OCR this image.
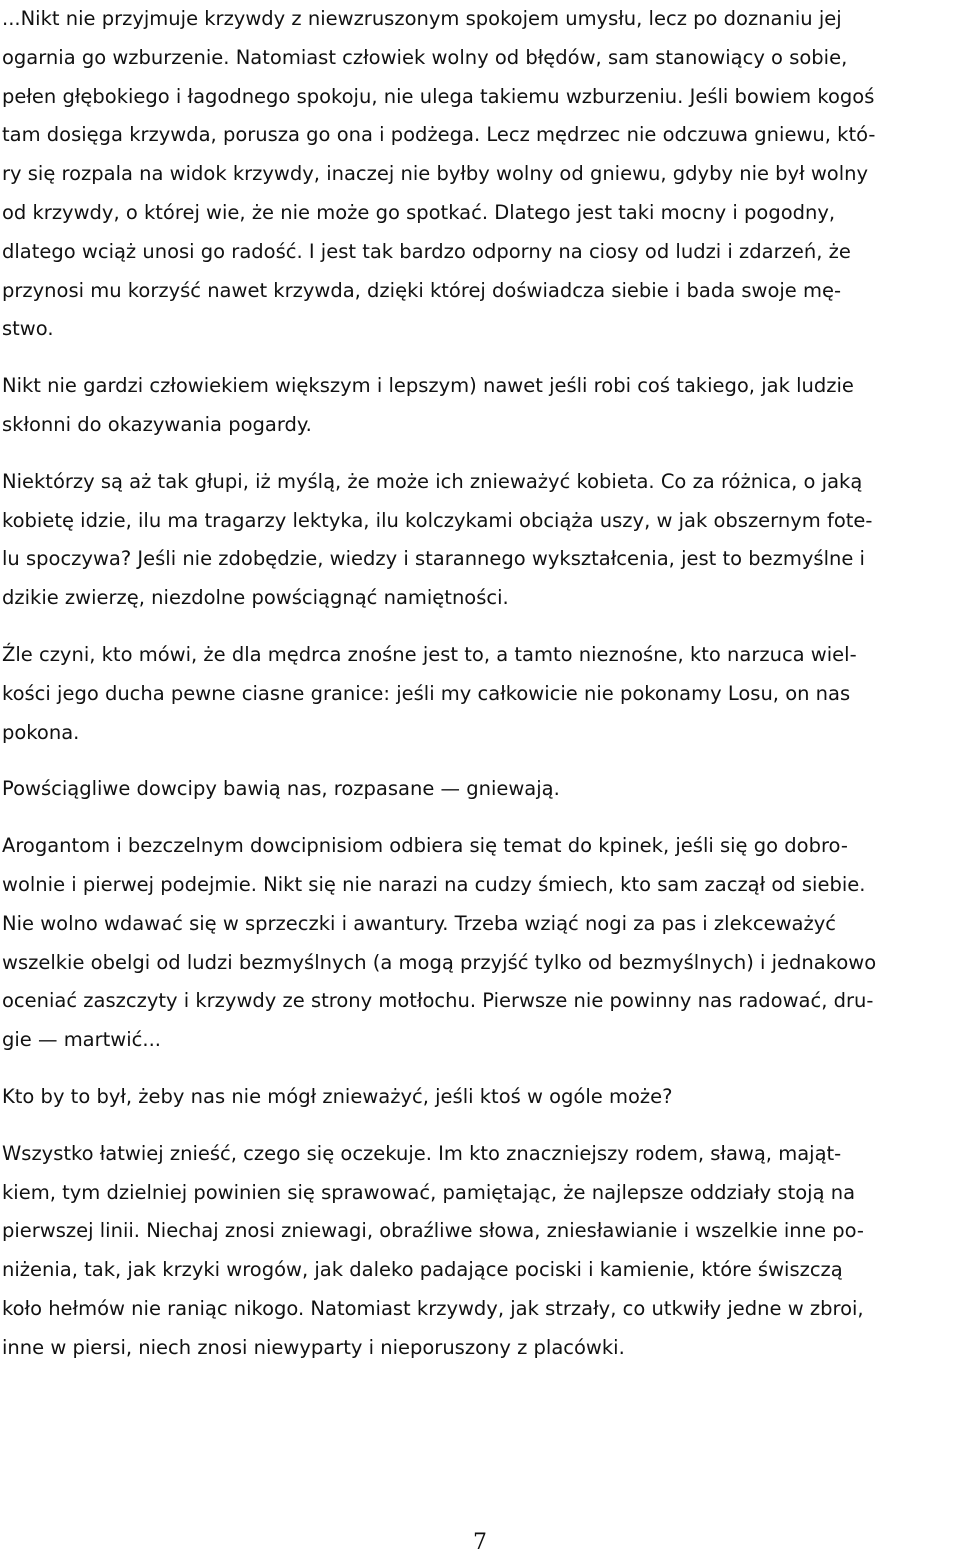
...Nikt nie przyjmuje krzywdy z niewzruszonym spokojem umysłu, lecz po doznaniu jej
ogarnia go wzburzenie. Natomiast człowiek wolny od błędów, sam stanowiący o sobie,
pełen głębokiego i łagodnego spokoju, nie ulega takiemu wzburzeniu. Jeśli bowiem kogoś
tam dosięga krzywda, porusza go ona i podżega. Lecz mędrzec nie odczuwa gniewu, któ-
ry się rozpala na widok krzywdy, inaczej nie byłby wolny od gniewu, gdyby nie był wolny
od krzywdy, o której wie, że nie może go spotkać. Dlatego jest taki mocny i pogodny,
dlatego wciąż unosi go radość. I jest tak bardzo odporny na ciosy od ludzi i zdarzeń, że
przynosi mu korzyść nawet krzywda, dzięki której doświadcza siebie i bada swoje mę-
stwo.

Nikt nie gardzi człowiekiem większym i lepszym) nawet jeśli robi coś takiego, jak ludzie
skłonni do okazywania pogardy.

Niektórzy są aż tak głupi, iż myślą, że może ich znieważyć kobieta. Co za różnica, o jaką
kobietę idzie, ilu ma tragarzy lektyka, ilu kolczykami obciąża uszy, w jak obszernym fote-
lu spoczywa? Jeśli nie zdobędzie, wiedzy i starannego wykształcenia, jest to bezmyślne i
dzikie zwierzę, niezdolne powściągnąć namiętności.

Źle czyni, kto mówi, że dla mędrca znośne jest to, a tamto nieznośne, kto narzuca wiel-
kości jego ducha pewne ciasne granice: jeśli my całkowicie nie pokonamy Losu, on nas
pokona.

Powściągliwe dowcipy bawią nas, rozpasane — gniewają.

Arogantom i bezczelnym dowcipnisiom odbiera się temat do kpinek, jeśli się go dobro-
wolnie i pierwej podejmie. Nikt się nie narazi na cudzy śmiech, kto sam zaczął od siebie.
Nie wolno wdawać się w sprzeczki i awantury. Trzeba wziąć nogi za pas i zlekceważyć
wszelkie obelgi od ludzi bezmyślnych (a mogą przyjść tylko od bezmyślnych) i jednakowo
oceniać zaszczyty i krzywdy ze strony motłochu. Pierwsze nie powinny nas radować, dru-
gie — martwić...

Kto by to był, żeby nas nie mógł znieważyć, jeśli ktoś w ogóle może?

Wszystko łatwiej znieść, czego się oczekuje. Im kto znaczniejszy rodem, sławą, mająt-
kiem, tym dzielniej powinien się sprawować, pamiętając, że najlepsze oddziały stoją na
pierwszej linii. Niechaj znosi zniewagi, obraźliwe słowa, zniesławianie i wszelkie inne po-
niżenia, tak, jak krzyki wrogów, jak daleko padające pociski i kamienie, które świszczą
koło hełmów nie raniąc nikogo. Natomiast krzywdy, jak strzały, co utkwiły jedne w zbroi,
inne w piersi, niech znosi niewyparty i nieporuszony z placówki.

7
